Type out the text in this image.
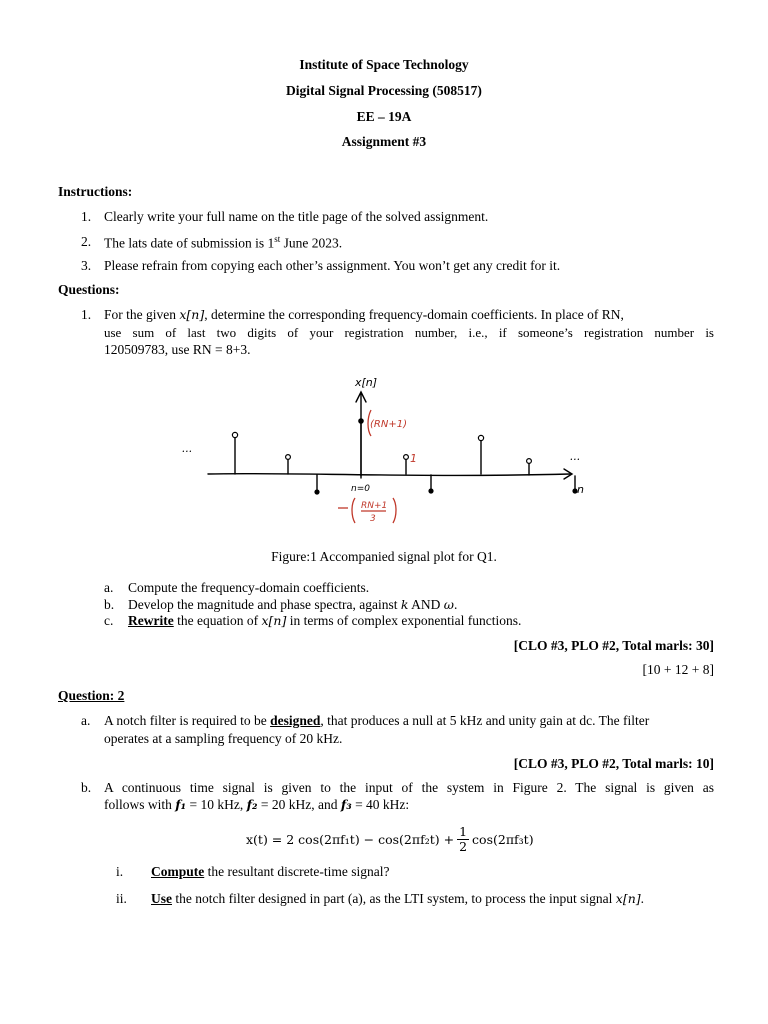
Institute of Space Technology
Digital Signal Processing (508517)
EE – 19A
Assignment #3
Instructions:
1. Clearly write your full name on the title page of the solved assignment.
2. The lats date of submission is 1st June 2023.
3. Please refrain from copying each other’s assignment. You won’t get any credit for it.
Questions:
1. For the given x[n], determine the corresponding frequency-domain coefficients. In place of RN,
use sum of last two digits of your registration number, i.e., if someone’s registration number is
120509783, use RN = 8+3.
x[n]
(RN+1)
1
n=0	n
...
...
RN+1
3
Figure:1 Accompanied signal plot for Q1.
a. Compute the frequency-domain coefficients.
b. Develop the magnitude and phase spectra, against k AND ω.
c. Rewrite the equation of x[n] in terms of complex exponential functions.
[CLO #3, PLO #2, Total marls: 30]
[10 + 12 + 8]
Question: 2
a. A notch filter is required to be designed, that produces a null at 5 kHz and unity gain at dc. The filter
operates at a sampling frequency of 20 kHz.
[CLO #3, PLO #2, Total marls: 10]
b. A continuous time signal is given to the input of the system in Figure 2. The signal is given as
follows with f₁ = 10 kHz, f₂ = 20 kHz, and f₃ = 40 kHz:
x(t) = 2 $\cos(2\pi f_1t) - \cos(2\pi f_2t) + \frac{1}{2} \cos(2\pi f_3t)$
i. Compute the resultant discrete-time signal?
ii. Use the notch filter designed in part (a), as the LTI system, to process the input signal x[n].
